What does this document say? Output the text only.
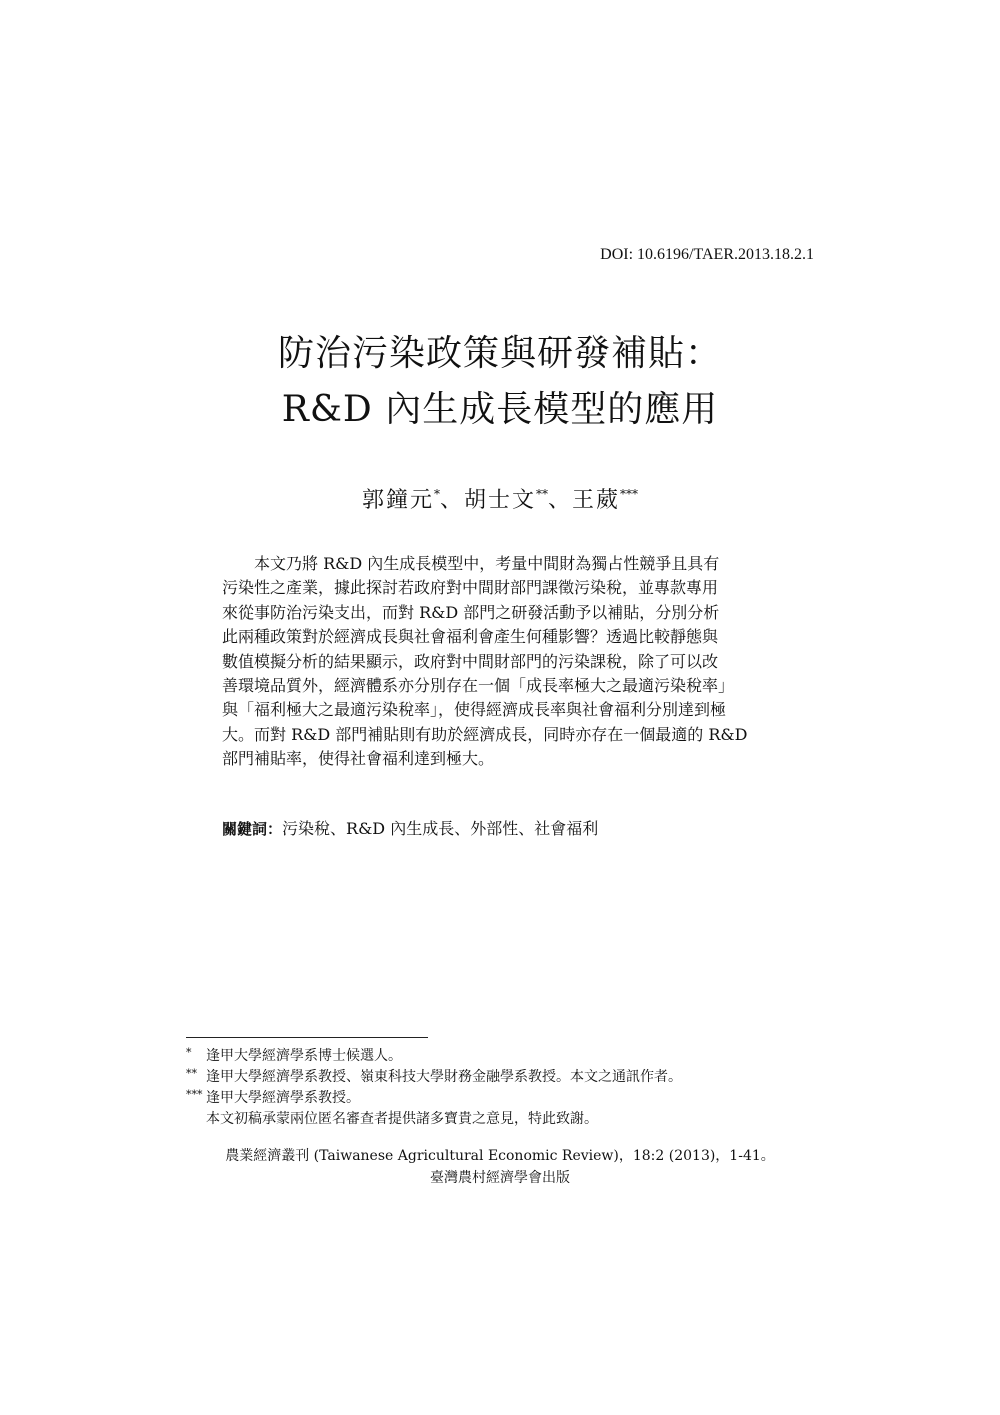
DOI: 10.6196/TAER.2013.18.2.1
防治污染政策與研發補貼：
R&D 內生成長模型的應用
郭鐘元*、胡士文**、王葳***

　　本文乃將 R&D 內生成長模型中，考量中間財為獨占性競爭且具有
污染性之產業，據此探討若政府對中間財部門課徵污染稅，並專款專用
來從事防治污染支出，而對 R&D 部門之研發活動予以補貼，分別分析
此兩種政策對於經濟成長與社會福利會產生何種影響？透過比較靜態與
數值模擬分析的結果顯示，政府對中間財部門的污染課稅，除了可以改
善環境品質外，經濟體系亦分別存在一個「成長率極大之最適污染稅率」
與「福利極大之最適污染稅率」，使得經濟成長率與社會福利分別達到極
大。而對 R&D 部門補貼則有助於經濟成長，同時亦存在一個最適的 R&D
部門補貼率，使得社會福利達到極大。

關鍵詞：污染稅、R&D 內生成長、外部性、社會福利
*	逢甲大學經濟學系博士候選人。
** 逢甲大學經濟學系教授、嶺東科技大學財務金融學系教授。本文之通訊作者。
*** 逢甲大學經濟學系教授。
本文初稿承蒙兩位匿名審查者提供諸多寶貴之意見，特此致謝。
農業經濟叢刊 (Taiwanese Agricultural Economic Review)，18:2 (2013)，1-41。
臺灣農村經濟學會出版
